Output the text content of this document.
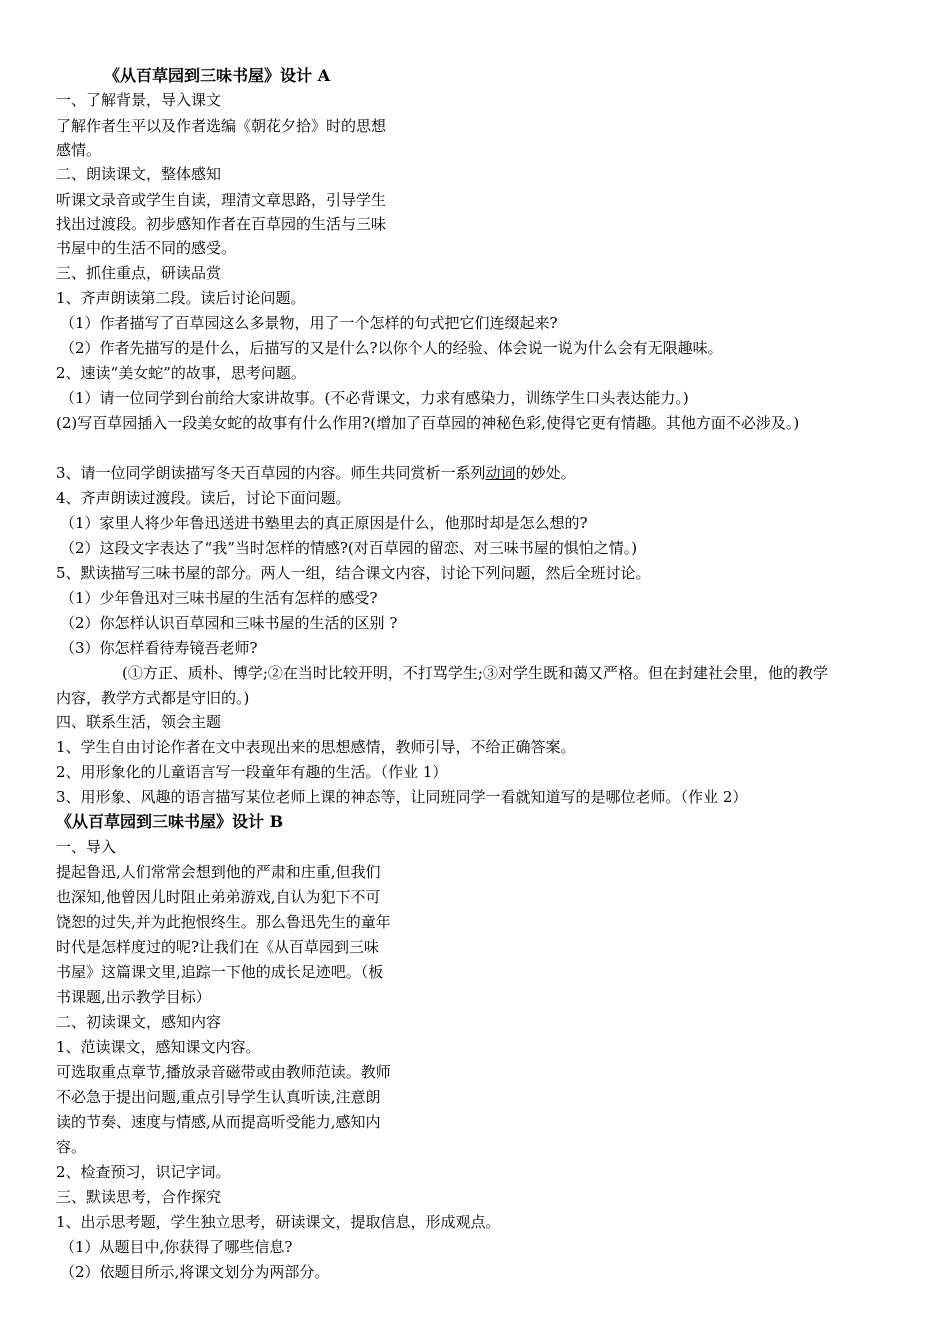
《从百草园到三味书屋》设计 A
一、了解背景，导入课文
了解作者生平以及作者选编《朝花夕拾》时的思想
感情。
二、朗读课文，整体感知
听课文录音或学生自读，理清文章思路，引导学生
找出过渡段。初步感知作者在百草园的生活与三味
书屋中的生活不同的感受。
三、抓住重点，研读品赏
1、齐声朗读第二段。读后讨论问题。
（1）作者描写了百草园这么多景物，用了一个怎样的句式把它们连缀起来?
（2）作者先描写的是什么，后描写的又是什么?以你个人的经验、体会说一说为什么会有无限趣味。
2、速读“美女蛇”的故事，思考问题。
（1）请一位同学到台前给大家讲故事。(不必背课文，力求有感染力，训练学生口头表达能力。)
(2)写百草园插入一段美女蛇的故事有什么作用?(增加了百草园的神秘色彩,使得它更有情趣。其他方面不必涉及。)
3、请一位同学朗读描写冬天百草园的内容。师生共同赏析一系列动词的妙处。
4、齐声朗读过渡段。读后，讨论下面问题。
（1）家里人将少年鲁迅送进书塾里去的真正原因是什么，他那时却是怎么想的?
（2）这段文字表达了“我”当时怎样的情感?(对百草园的留恋、对三味书屋的惧怕之情。)
5、默读描写三味书屋的部分。两人一组，结合课文内容，讨论下列问题，然后全班讨论。
（1）少年鲁迅对三味书屋的生活有怎样的感受?
（2）你怎样认识百草园和三味书屋的生活的区别 ?
（3）你怎样看待寿镜吾老师?
(①方正、质朴、博学;②在当时比较开明，不打骂学生;③对学生既和蔼又严格。但在封建社会里，他的教学
内容，教学方式都是守旧的。)
四、联系生活，领会主题
1、学生自由讨论作者在文中表现出来的思想感情，教师引导，不给正确答案。
2、用形象化的儿童语言写一段童年有趣的生活。（作业 1）
3、用形象、风趣的语言描写某位老师上课的神态等，让同班同学一看就知道写的是哪位老师。（作业 2）
《从百草园到三味书屋》设计 B
一、导入
提起鲁迅,人们常常会想到他的严肃和庄重,但我们
也深知,他曾因儿时阻止弟弟游戏,自认为犯下不可
饶恕的过失,并为此抱恨终生。那么鲁迅先生的童年
时代是怎样度过的呢?让我们在《从百草园到三味
书屋》这篇课文里,追踪一下他的成长足迹吧。（板
书课题,出示教学目标）
二、初读课文，感知内容
1、范读课文，感知课文内容。
可选取重点章节,播放录音磁带或由教师范读。教师
不必急于提出问题,重点引导学生认真听读,注意朗
读的节奏、速度与情感,从而提高听受能力,感知内
容。
2、检查预习，识记字词。
三、默读思考，合作探究
1、出示思考题，学生独立思考，研读课文，提取信息，形成观点。
（1）从题目中,你获得了哪些信息?
（2）依题目所示,将课文划分为两部分。
